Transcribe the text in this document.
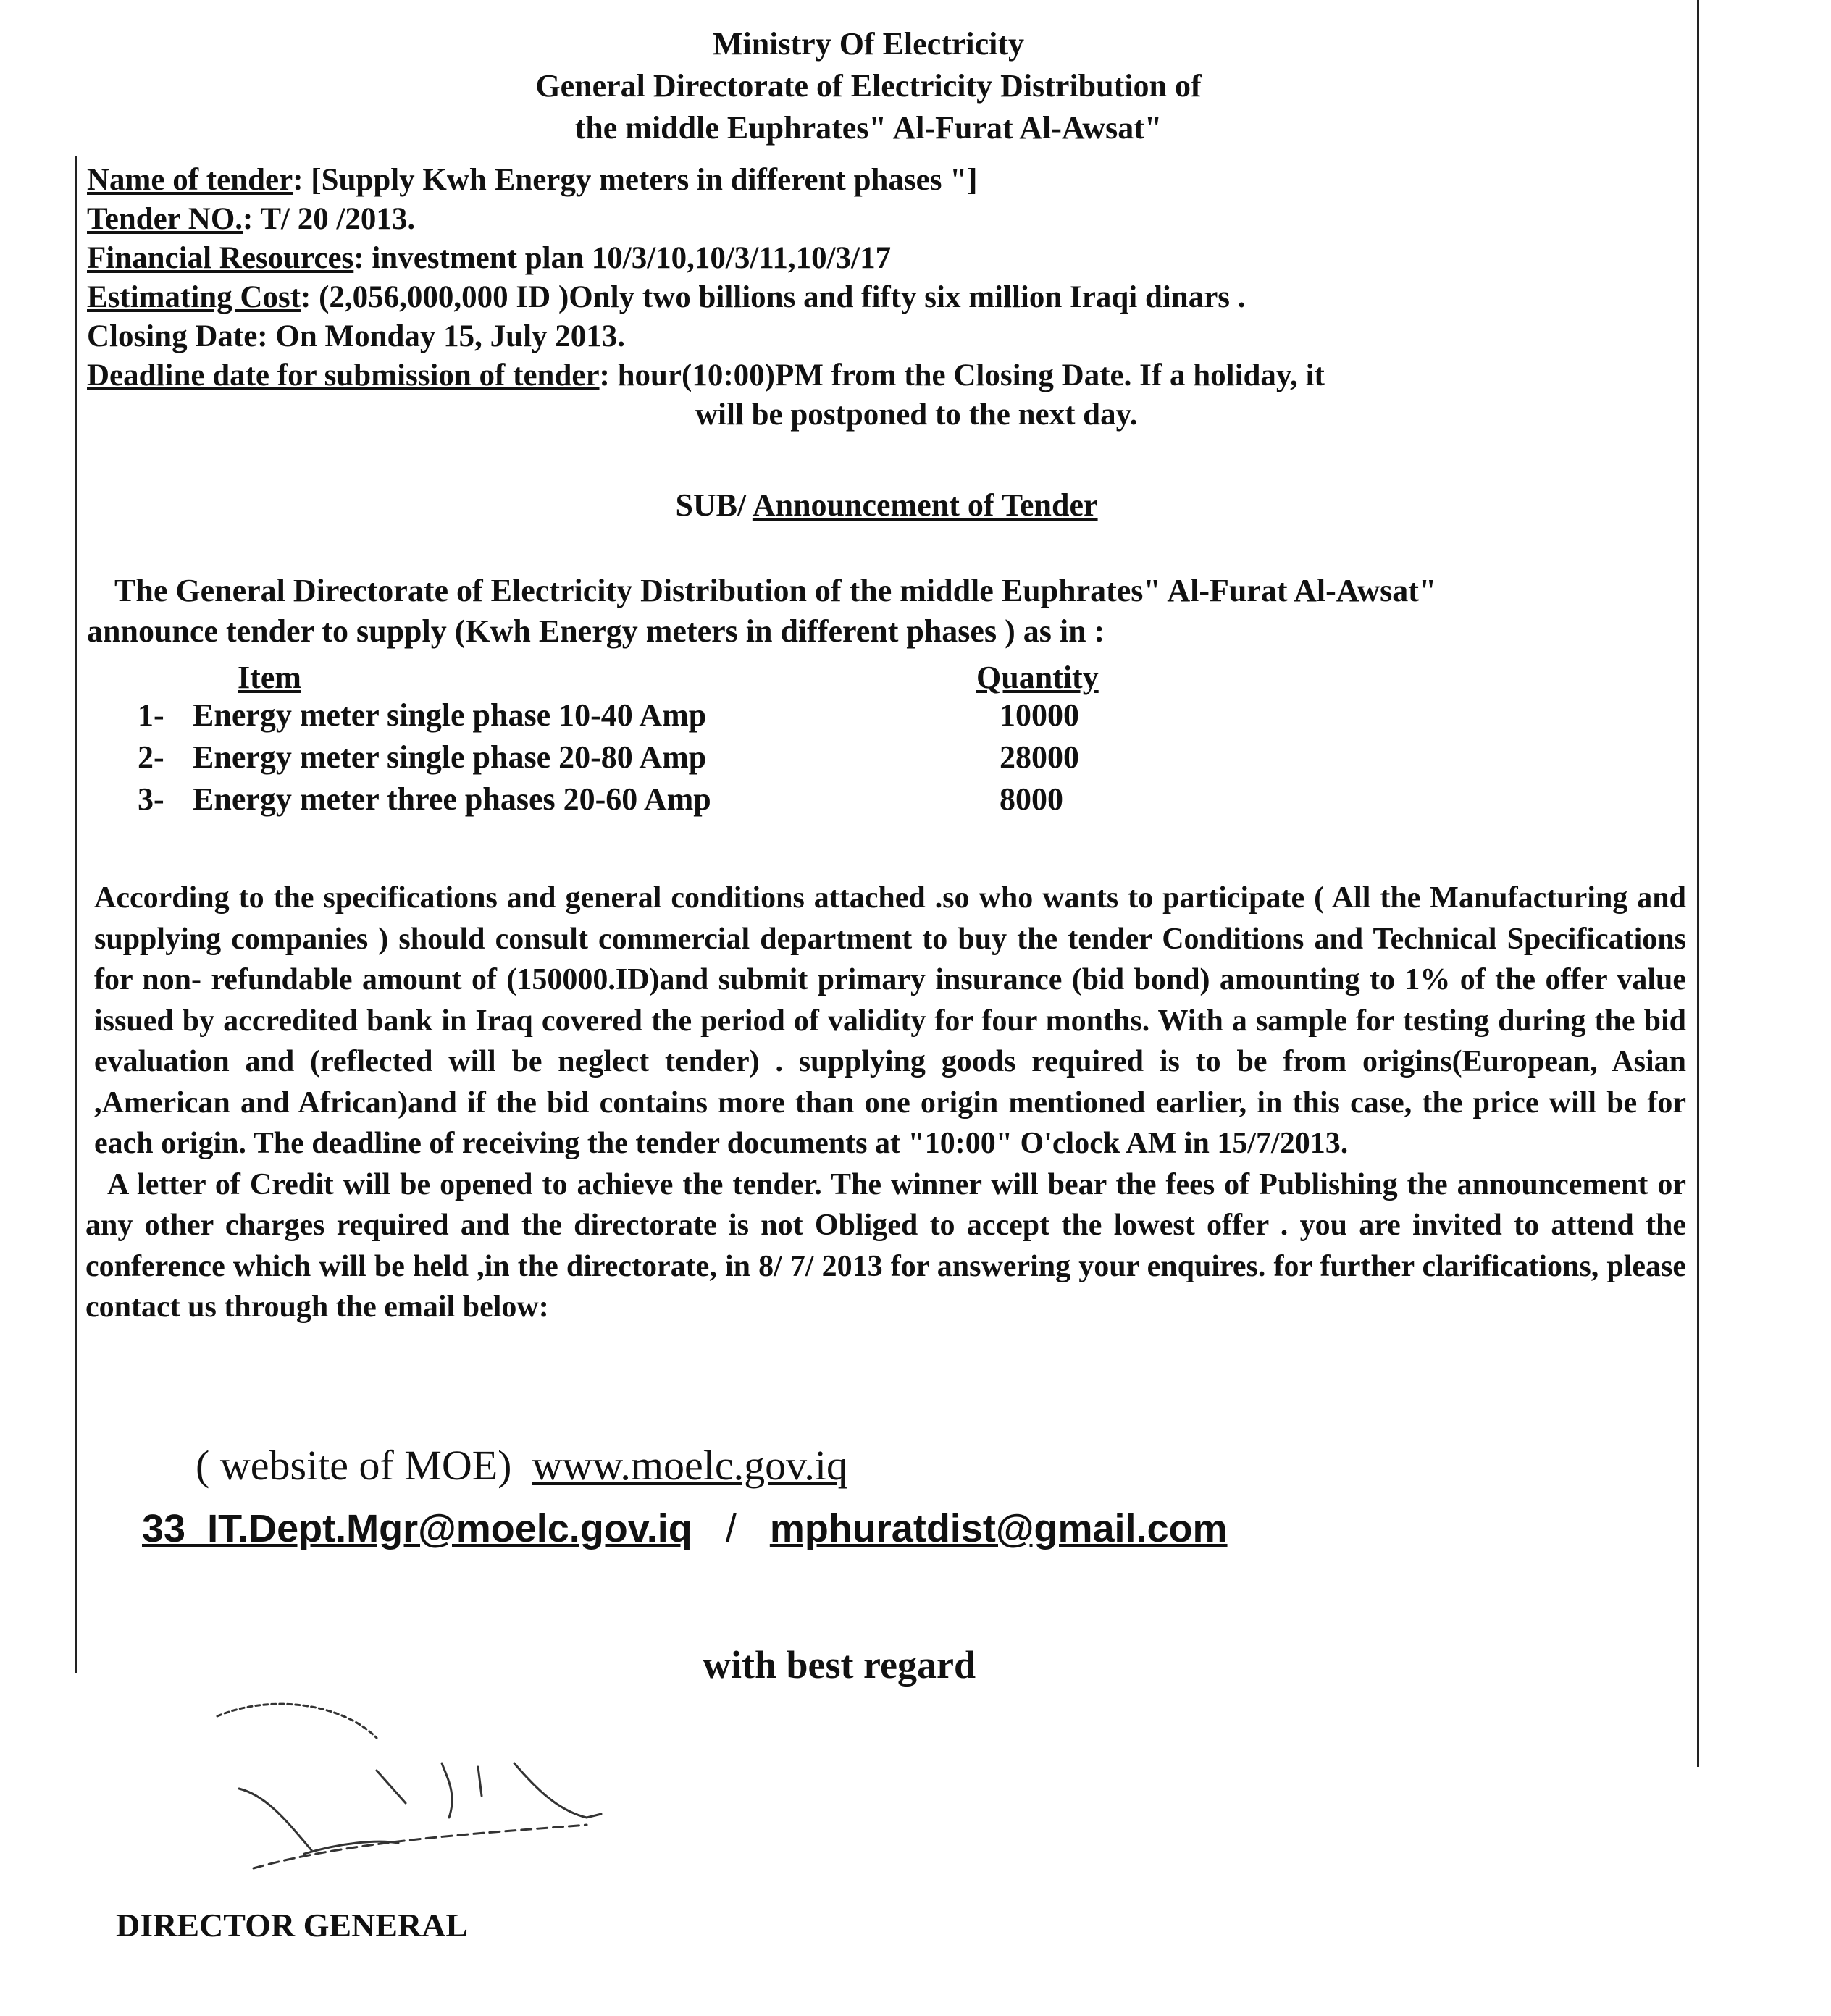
Ministry Of Electricity
General Directorate of Electricity Distribution of
the middle Euphrates" Al-Furat Al-Awsat"
Name of tender: [Supply Kwh Energy meters in different phases "]
Tender NO.: T/ 20 /2013.
Financial Resources: investment plan 10/3/10,10/3/11,10/3/17
Estimating Cost: (2,056,000,000 ID )Only two billions and fifty six million Iraqi dinars .
Closing Date: On Monday 15, July 2013.
Deadline date for submission of tender: hour(10:00)PM from the Closing Date. If a holiday, it
will be postponed to the next day.
SUB/ Announcement of Tender
The General Directorate of Electricity Distribution of the middle Euphrates" Al-Furat Al-Awsat"
announce tender to supply (Kwh Energy meters in different phases ) as in :
Item	Quantity
1- Energy meter single phase 10-40 Amp	10000
2- Energy meter single phase 20-80 Amp	28000
3- Energy meter three phases 20-60 Amp	8000

According to the specifications and general conditions attached .so who wants to participate ( All the Manufacturing and supplying companies ) should consult commercial department to buy the tender Conditions and Technical Specifications for non- refundable amount of (150000.ID)and submit primary insurance (bid bond) amounting to 1% of the offer value issued by accredited bank in Iraq covered the period of validity for four months. With a sample for testing during the bid evaluation and (reflected will be neglect tender) . supplying goods required is to be from origins(European, Asian ,American and African)and if the bid contains more than one origin mentioned earlier, in this case, the price will be for each origin. The deadline of receiving the tender documents at "10:00" O'clock AM in 15/7/2013.

A letter of Credit will be opened to achieve the tender. The winner will bear the fees of Publishing the announcement or any other charges required and the directorate is not Obliged to accept the lowest offer . you are invited to attend the conference which will be held ,in the directorate, in 8/ 7/ 2013 for answering your enquires. for further clarifications, please contact us through the email below:

( website of MOE) www.moelc.gov.iq
33_IT.Dept.Mgr@moelc.gov.iq / mphuratdist@gmail.com
with best regard
DIRECTOR GENERAL
